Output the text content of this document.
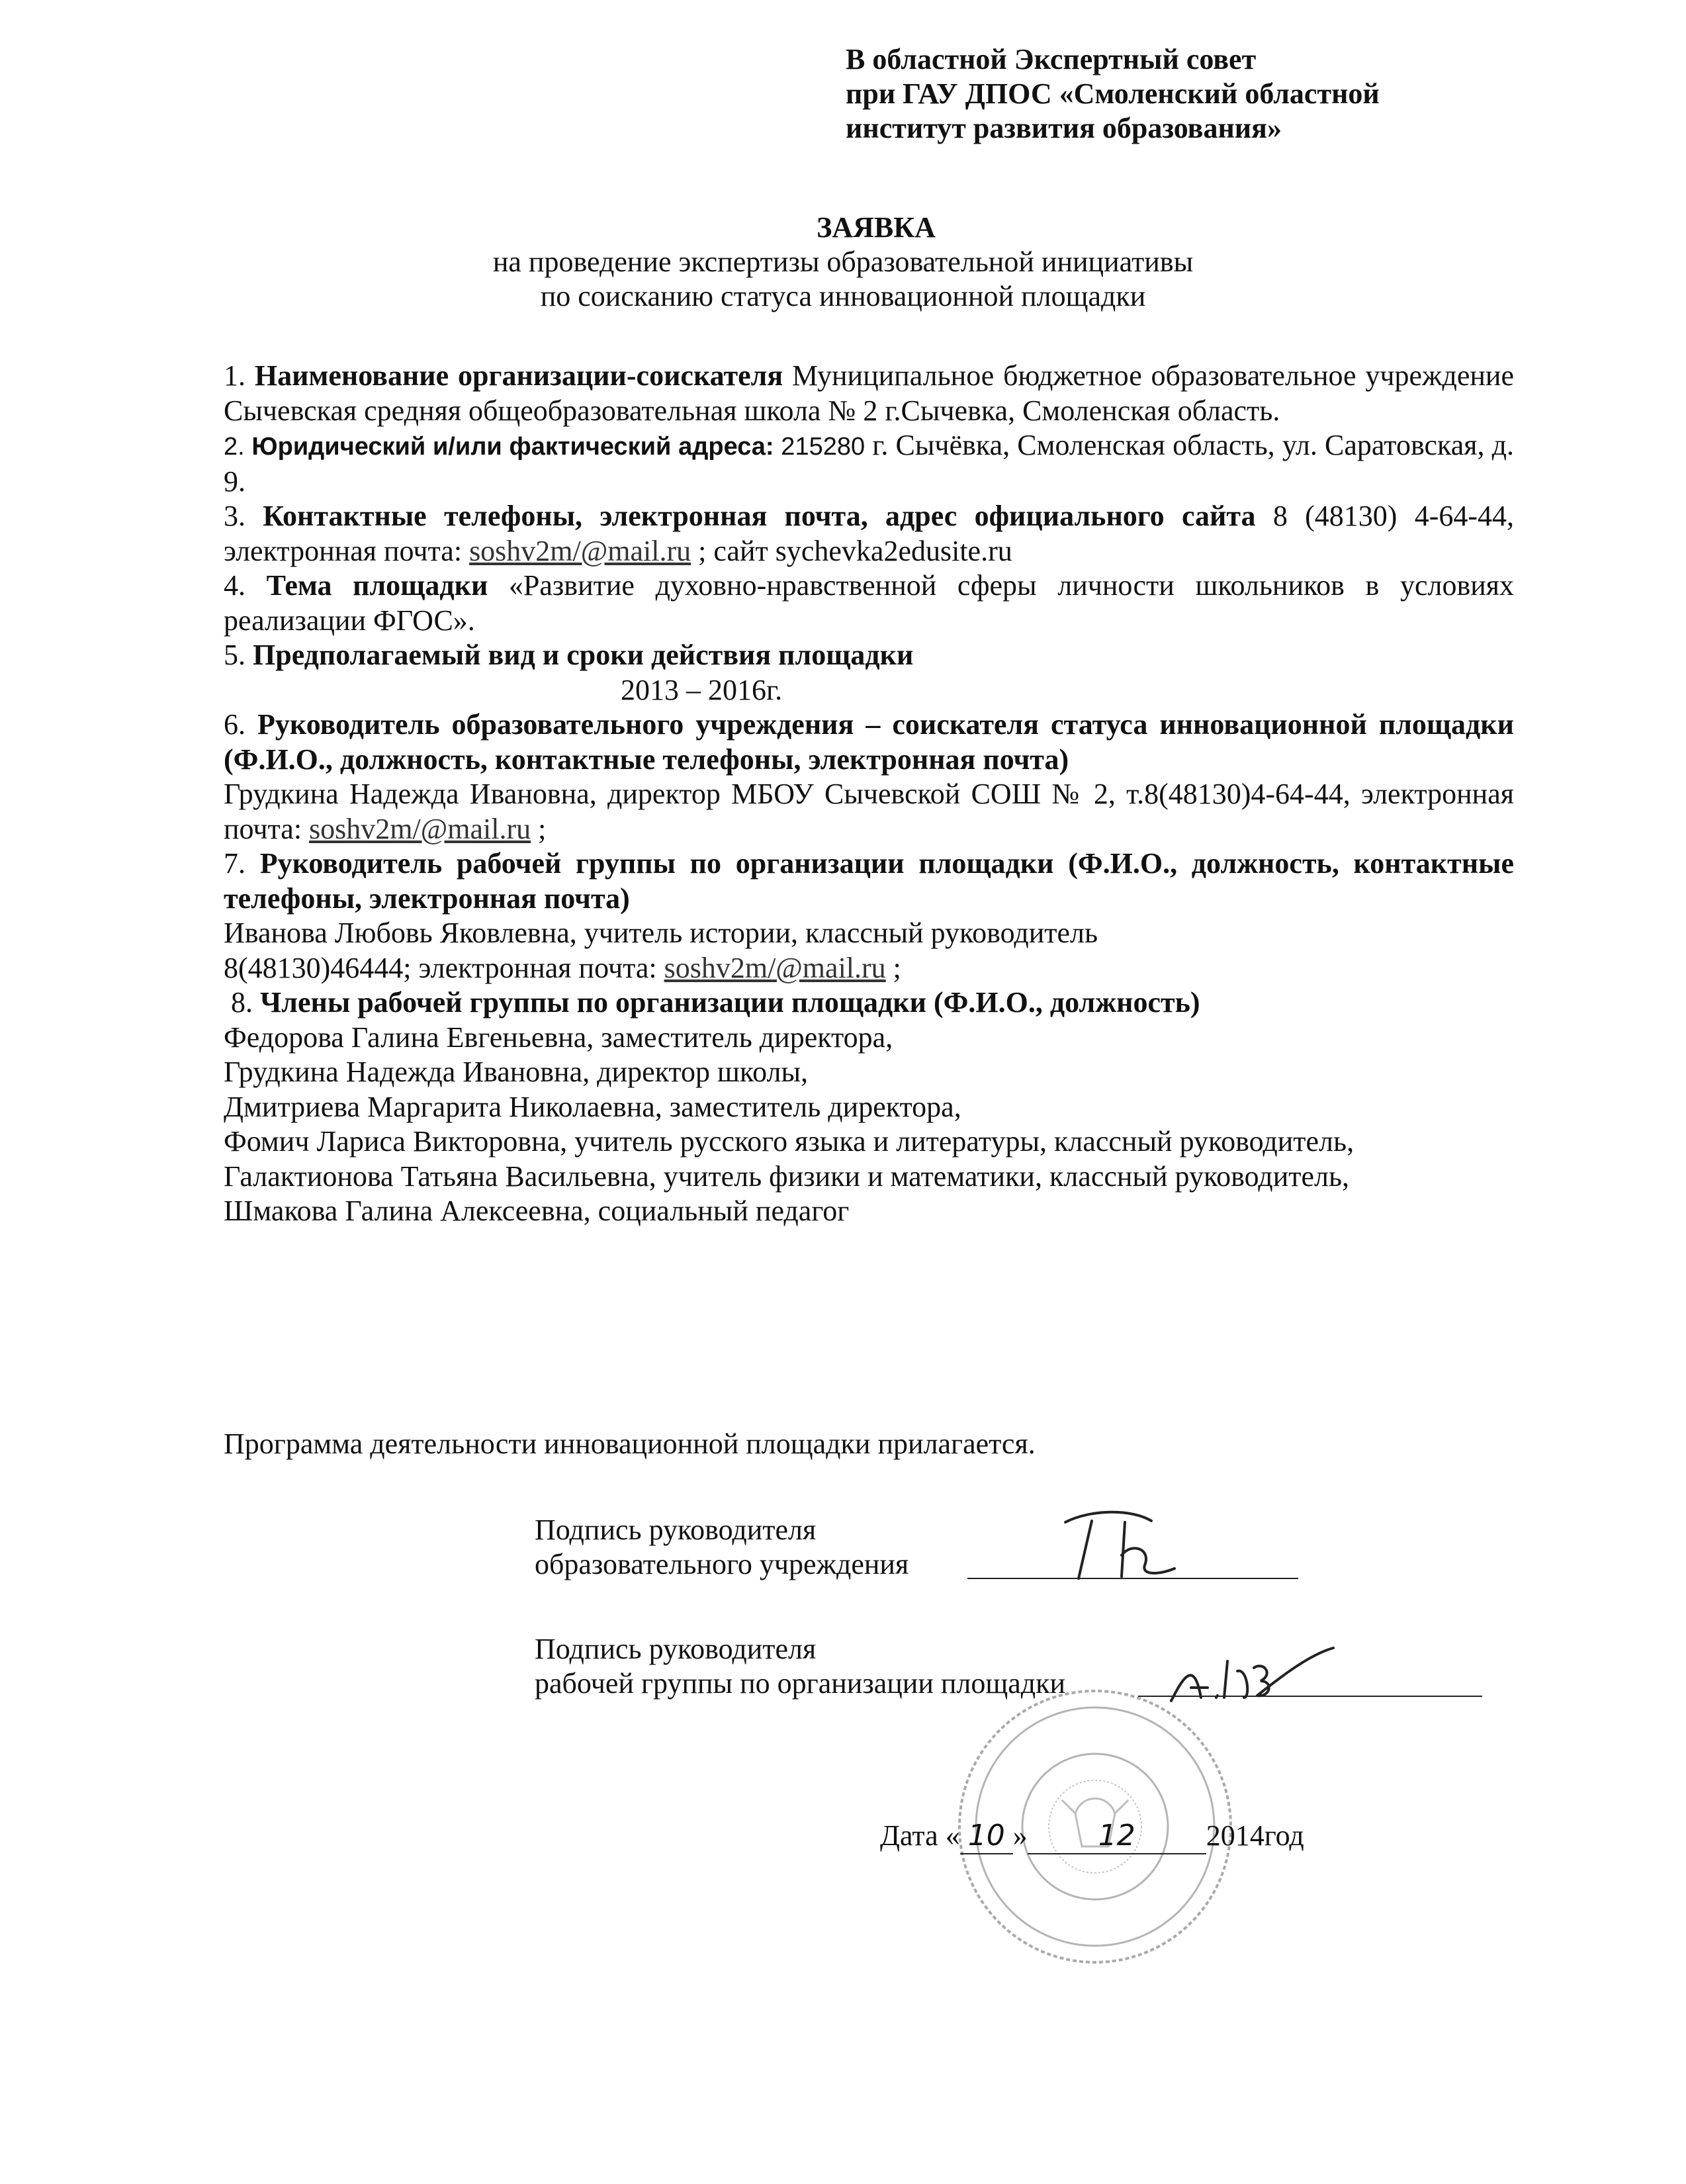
В областной Экспертный совет
при ГАУ ДПОС «Смоленский областной
институт развития образования»
ЗАЯВКА
на проведение экспертизы образовательной инициативы
по соисканию статуса инновационной площадки

1. Наименование организации-соискателя Муниципальное бюджетное образовательное учреждение Сычевская средняя общеобразовательная школа № 2 г.Сычевка, Смоленская область.

2. Юридический и/или фактический адреса: 215280 г. Сычёвка, Смоленская область, ул. Саратовская, д. 9.

3. Контактные телефоны, электронная почта, адрес официального сайта 8 (48130) 4-64-44, электронная почта: soshv2m/@mail.ru ; сайт sychevka2edusite.ru

4. Тема площадки «Развитие духовно-нравственной сферы личности школьников в условиях реализации ФГОС».

5. Предполагаемый вид и сроки действия площадки

2013 – 2016г.

6. Руководитель образовательного учреждения – соискателя статуса инновационной площадки (Ф.И.О., должность, контактные телефоны, электронная почта)

Грудкина Надежда Ивановна, директор МБОУ Сычевской СОШ № 2, т.8(48130)4-64-44, электронная почта: soshv2m/@mail.ru ;

7. Руководитель рабочей группы по организации площадки (Ф.И.О., должность, контактные телефоны, электронная почта)

Иванова Любовь Яковлевна, учитель истории, классный руководитель

8(48130)46444; электронная почта: soshv2m/@mail.ru ;

8. Члены рабочей группы по организации площадки (Ф.И.О., должность)

Федорова Галина Евгеньевна, заместитель директора,

Грудкина Надежда Ивановна, директор школы,

Дмитриева Маргарита Николаевна, заместитель директора,

Фомич Лариса Викторовна, учитель русского языка и литературы, классный руководитель,

Галактионова Татьяна Васильевна, учитель физики и математики, классный руководитель,

Шмакова Галина Алексеевна, социальный педагог

Программа деятельности инновационной площадки прилагается.
Подпись руководителя
образовательного учреждения
Подпись руководителя
рабочей группы по организации площадки
Дата « 10 » 12 2014год
